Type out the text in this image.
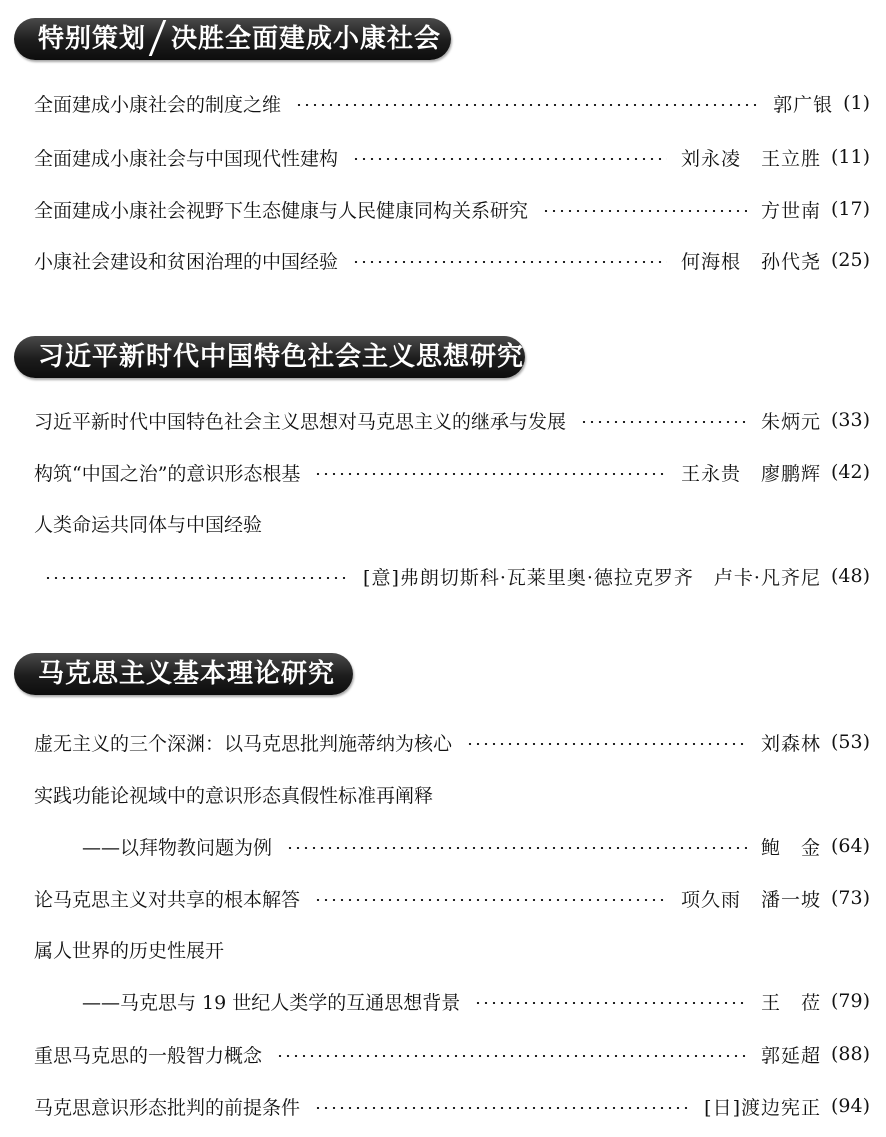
特别策划 决胜全面建成小康社会
全面建成小康社会的制度之维	郭广银 (1)
全面建成小康社会与中国现代性建构	刘永凌　王立胜 (11)
全面建成小康社会视野下生态健康与人民健康同构关系研究	方世南 (17)
小康社会建设和贫困治理的中国经验	何海根　孙代尧 (25)
习近平新时代中国特色社会主义思想研究
习近平新时代中国特色社会主义思想对马克思主义的继承与发展	朱炳元 (33)
构筑“中国之治”的意识形态根基	王永贵　廖鹏辉 (42)
人类命运共同体与中国经验
[意]弗朗切斯科·瓦莱里奥·德拉克罗齐　卢卡·凡齐尼 (48)
马克思主义基本理论研究
虚无主义的三个深渊：以马克思批判施蒂纳为核心	刘森林 (53)
实践功能论视域中的意识形态真假性标准再阐释
——以拜物教问题为例	鲍　金 (64)
论马克思主义对共享的根本解答	项久雨　潘一坡 (73)
属人世界的历史性展开
——马克思与 19 世纪人类学的互通思想背景	王　莅 (79)
重思马克思的一般智力概念	郭延超 (88)
马克思意识形态批判的前提条件	[日]渡边宪正 (94)
